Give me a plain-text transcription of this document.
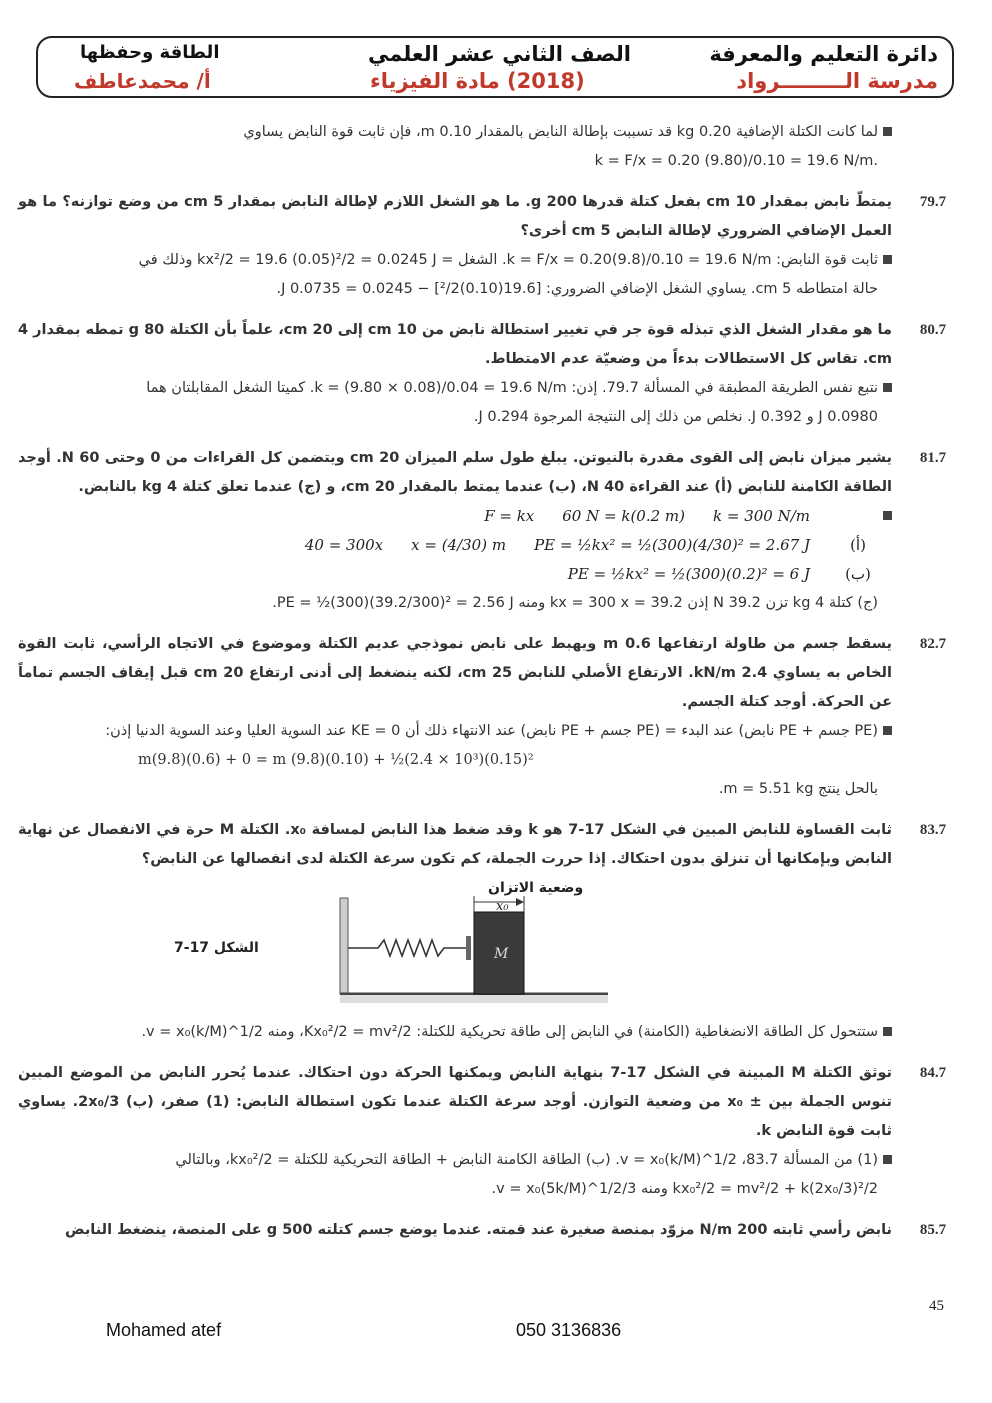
دائرة التعليم والمعرفة
مدرسة الـــــــــرواد
الصف الثاني عشر العلمي
(2018) مادة الفيزياء
الطاقة وحفظها
أ/ محمدعاطف
لما كانت الكتلة الإضافية 0.20 kg قد تسببت بإطالة النابض بالمقدار 0.10 m، فإن ثابت قوة النابض يساوي
.k = F/x = 0.20 (9.80)/0.10 = 19.6 N/m
79.7
يمتطّ نابض بمقدار 10 cm بفعل كتلة قدرها 200 g. ما هو الشغل اللازم لإطالة النابض بمقدار 5 cm من وضع توازنه؟ ما هو العمل الإضافي الضروري لإطالة النابض 5 cm أخرى؟
ثابت قوة النابض: k = F/x = 0.20(9.8)/0.10 = 19.6 N/m. الشغل = kx²/2 = 19.6 (0.05)²/2 = 0.0245 J وذلك في
حالة امتطاطه 5 cm. يساوي الشغل الإضافي الضروري: [19.6(0.10)²/2] − 0.0245 = 0.0735 J.
80.7
ما هو مقدار الشغل الذي تبذله قوة جر في تغيير استطالة نابض من 10 cm إلى 20 cm، علماً بأن الكتلة 80 g تمطه بمقدار 4 cm. تقاس كل الاستطالات بدءاً من وضعيّة عدم الامتطاط.
نتبع نفس الطريقة المطبقة في المسألة 79.7. إذن: k = (9.80 × 0.08)/0.04 = 19.6 N/m. كميتا الشغل المقابلتان هما
0.0980 J و 0.392 J. نخلص من ذلك إلى النتيجة المرجوة 0.294 J.
81.7
يشير ميزان نابض إلى القوى مقدرة بالنيوتن. يبلغ طول سلم الميزان 20 cm ويتضمن كل القراءات من 0 وحتى 60 N. أوجد الطاقة الكامنة للنابض (أ) عند القراءة 40 N، (ب) عندما يمتط بالمقدار 20 cm، و (ج) عندما تعلق كتلة 4 kg بالنابض.
F = kx 60 N = k(0.2 m) k = 300 N/m
40 = 300x x = (4/30) m PE = ½kx² = ½(300)(4/30)² = 2.67 J	(أ)
PE = ½kx² = ½(300)(0.2)² = 6 J	(ب)
(ج) كتلة 4 kg تزن 39.2 N إذن 39.2 = kx = 300 x ومنه PE = ½(300)(39.2/300)² = 2.56 J.
82.7
يسقط جسم من طاولة ارتفاعها 0.6 m ويهبط على نابض نموذجي عديم الكتلة وموضوع في الاتجاه الرأسي، ثابت القوة الخاص به يساوي 2.4 kN/m. الارتفاع الأصلي للنابض 25 cm، لكنه ينضغط إلى أدنى ارتفاع 20 cm قبل إيقاف الجسم تماماً عن الحركة. أوجد كتلة الجسم.
(PE جسم + PE نابض) عند البدء = (PE جسم + PE نابض) عند الانتهاء ذلك أن KE = 0 عند السوية العليا وعند السوية الدنيا إذن:
m(9.8)(0.6) + 0 = m (9.8)(0.10) + ½(2.4 × 10³)(0.15)²
بالحل ينتج m = 5.51 kg.
83.7
ثابت القساوة للنابض المبين في الشكل 17-7 هو k وقد ضغط هذا النابض لمسافة x₀. الكتلة M حرة في الانفصال عن نهاية النابض وبإمكانها أن تنزلق بدون احتكاك. إذا حررت الجملة، كم تكون سرعة الكتلة لدى انفصالها عن النابض؟
وضعية الاتزان
x₀
M
الشكل 17-7
ستتحول كل الطاقة الانضغاطية (الكامنة) في النابض إلى طاقة تحريكية للكتلة: Kx₀²/2 = mv²/2، ومنه v = x₀(k/M)^1/2.
84.7
توثق الكتلة M المبينة في الشكل 17-7 بنهاية النابض ويمكنها الحركة دون احتكاك. عندما يُحرر النابض من الموضع المبين تنوس الجملة بين ± x₀ من وضعية التوازن. أوجد سرعة الكتلة عندما تكون استطالة النابض: (1) صفر، (ب) 2x₀/3. يساوي ثابت قوة النابض k.
(1) من المسألة 83.7، v = x₀(k/M)^1/2. (ب) الطاقة الكامنة النابض + الطاقة التحريكية للكتلة = kx₀²/2، وبالتالي
kx₀²/2 = mv²/2 + k(2x₀/3)²/2 ومنه v = x₀(5k/M)^1/2/3.
85.7
نابض رأسي ثابته 200 N/m مزوّد بمنصة صغيرة عند قمته. عندما يوضع جسم كتلته 500 g على المنصة، ينضغط النابض
45
Mohamed atef	050 3136836
